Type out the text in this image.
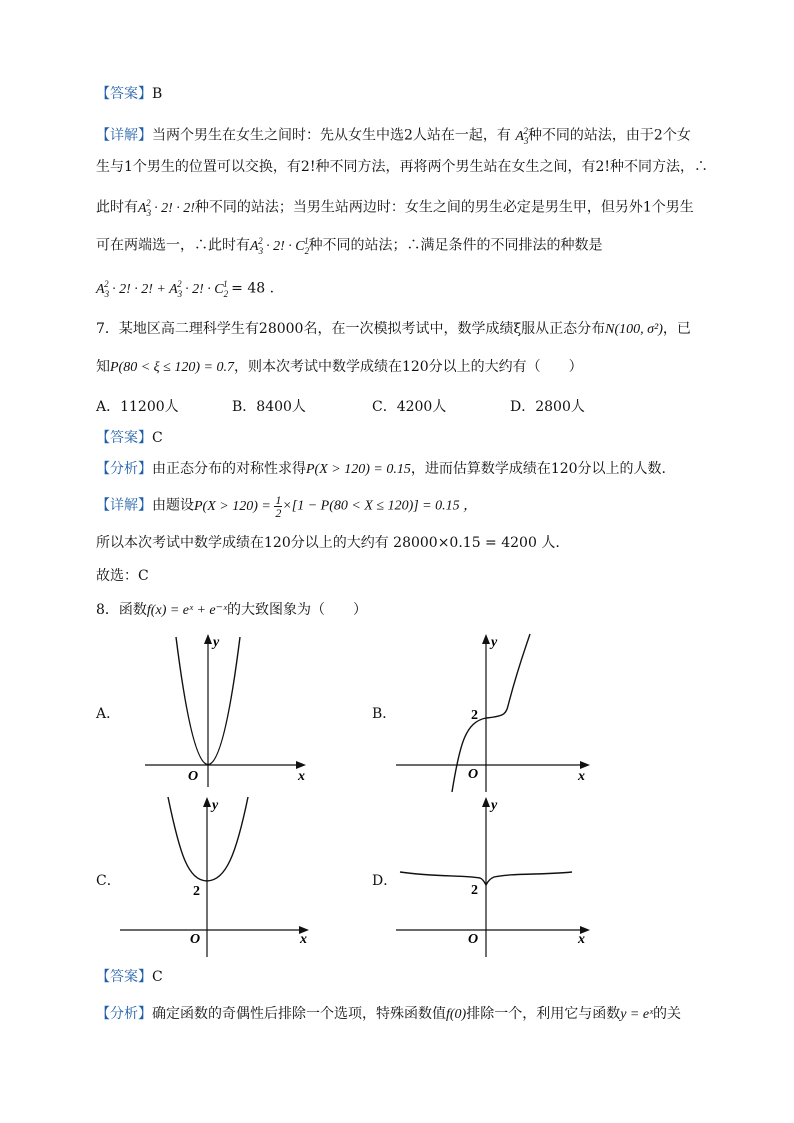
【答案】B
【详解】当两个男生在女生之间时：先从女生中选2人站在一起，有 $A_3^2$种不同的站法，由于2个女
生与1个男生的位置可以交换，有2!种不同方法，再将两个男生站在女生之间，有2!种不同方法，∴
此时有$A_3^2 \cdot 2$! · 2!种不同的站法；当男生站两边时：女生之间的男生必定是男生甲，但另外1个男生
可在两端选一，∴此时有$A_3^2 \cdot 2$! · $C_2^1$种不同的站法；∴满足条件的不同排法的种数是
$A_3^2 \cdot 2$! · 2! + $A_3^2 \cdot 2$! · $C_2^1 = 48$ .
7．某地区高二理科学生有28000名，在一次模拟考试中，数学成绩ξ服从正态分布N(100, σ²)，已
知P(80 < ξ ≤ 120) = 0.7，则本次考试中数学成绩在120分以上的大约有（　　）
A．11200人	B．8400人	C．4200人	D．2800人
【答案】C
【分析】由正态分布的对称性求得P(X > 120) = 0.15，进而估算数学成绩在120分以上的人数.
【详解】由题设$P(X > 120) = \frac{1}{2} \times[1 - P(80 < X \le 120)] = 0.15$ ，
所以本次考试中数学成绩在120分以上的大约有 28000×0.15 = 4200 人.
故选：C
8．函数f(x) = eˣ + e⁻ˣ的大致图象为（　　）
A．	B．
C．	D．
O	x
y
2
O	x
y
2
O	x
y
2
O	x
y
【答案】C
【分析】确定函数的奇偶性后排除一个选项，特殊函数值f(0)排除一个，利用它与函数y = eˣ的关
